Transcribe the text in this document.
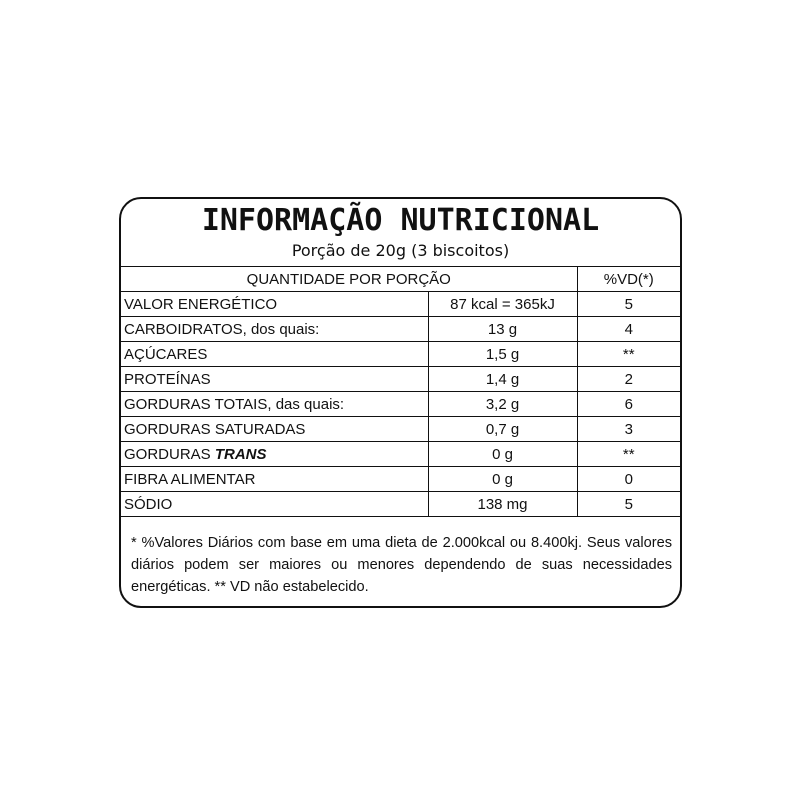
INFORMAÇÃO NUTRICIONAL
Porção de 20g (3 biscoitos)
QUANTIDADE POR PORÇÃO		%VD(*)
VALOR ENERGÉTICO	87 kcal = 365kJ	5
CARBOIDRATOS, dos quais:	13 g	4
AÇÚCARES	1,5 g	**
PROTEÍNAS	1,4 g	2
GORDURAS TOTAIS, das quais:	3,2 g	6
GORDURAS SATURADAS	0,7 g	3
GORDURAS TRANS	0 g	**
FIBRA ALIMENTAR	0 g	0
SÓDIO	138 mg	5
* %Valores Diários com base em uma dieta de 2.000kcal ou 8.400kj. Seus valores diários podem ser maiores ou menores dependendo de suas necessidades energéticas. ** VD não estabelecido.
